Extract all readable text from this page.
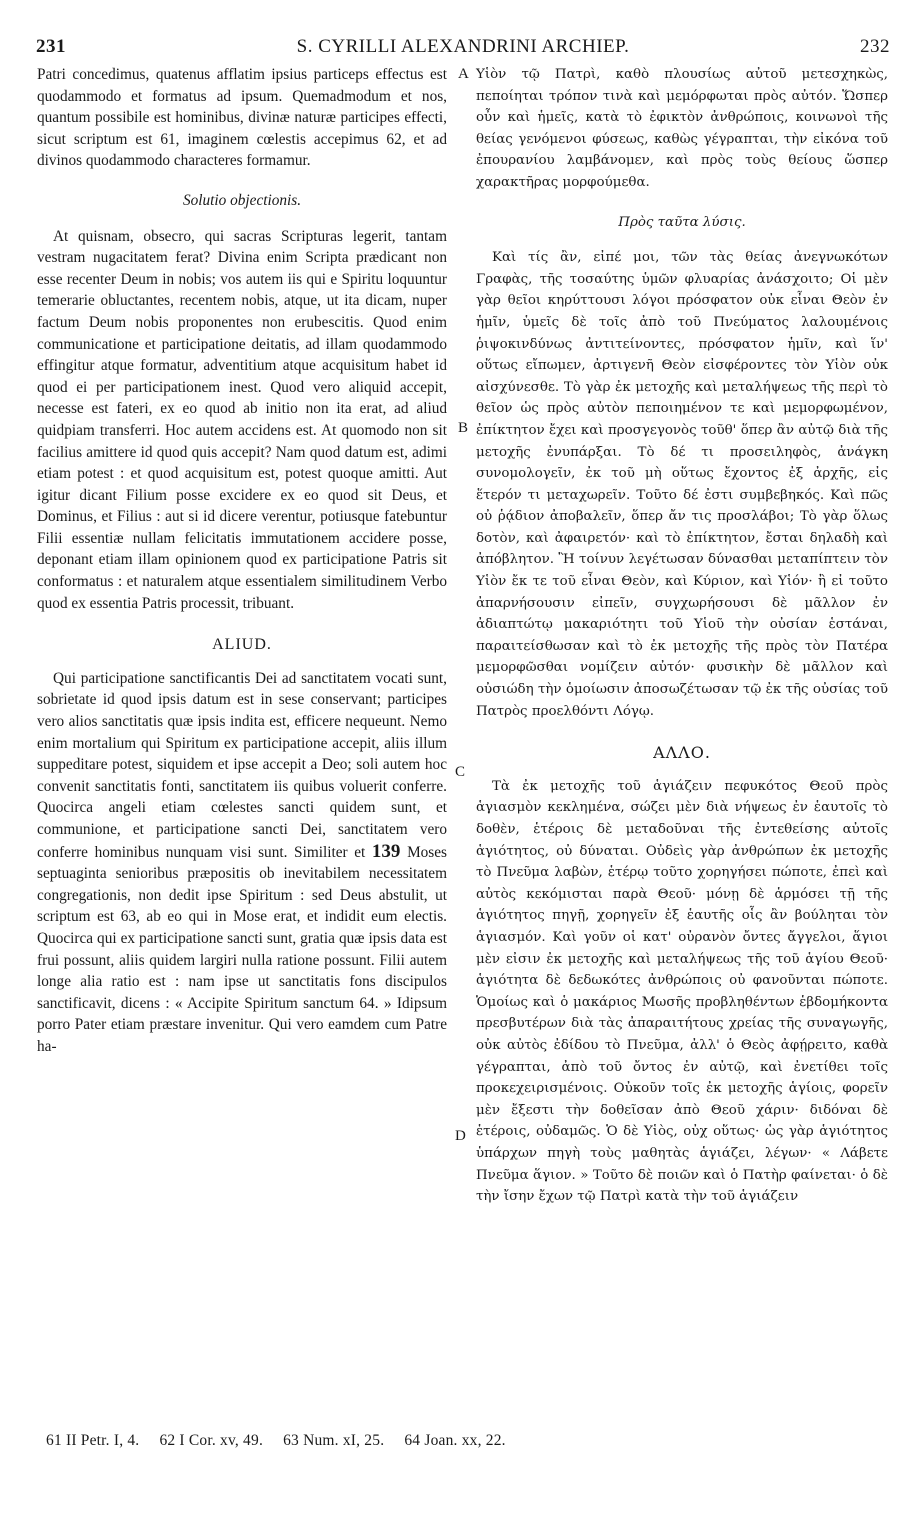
231	S. CYRILLI ALEXANDRINI ARCHIEP.	232

Patri concedimus, quatenus afflatim ipsius particeps effectus est quodammodo et formatus ad ipsum. Quemadmodum et nos, quantum possibile est hominibus, divinæ naturæ participes effecti, sicut scriptum est 61, imaginem cœlestis accepimus 62, et ad divinos quodammodo characteres formamur.

Solutio objectionis.

At quisnam, obsecro, qui sacras Scripturas legerit, tantam vestram nugacitatem ferat? Divina enim Scripta prædicant non esse recenter Deum in nobis; vos autem iis qui e Spiritu loquuntur temerarie obluctantes, recentem nobis, atque, ut ita dicam, nuper factum Deum nobis proponentes non erubescitis. Quod enim communicatione et participatione deitatis, ad illam quodammodo effingitur atque formatur, adventitium atque acquisitum habet id quod ei per participationem inest. Quod vero aliquid accepit, necesse est fateri, ex eo quod ab initio non ita erat, ad aliud quidpiam transferri. Hoc autem accidens est. At quomodo non sit facilius amittere id quod quis accepit? Nam quod datum est, adimi etiam potest : et quod acquisitum est, potest quoque amitti. Aut igitur dicant Filium posse excidere ex eo quod sit Deus, et Dominus, et Filius : aut si id dicere verentur, potiusque fatebuntur Filii essentiæ nullam felicitatis immutationem accidere posse, deponant etiam illam opinionem quod ex participatione Patris sit conformatus : et naturalem atque essentialem similitudinem Verbo quod ex essentia Patris processit, tribuant.

ALIUD.

Qui participatione sanctificantis Dei ad sanctitatem vocati sunt, sobrietate id quod ipsis datum est in sese conservant; participes vero alios sanctitatis quæ ipsis indita est, efficere nequeunt. Nemo enim mortalium qui Spiritum ex participatione accepit, aliis illum suppeditare potest, siquidem et ipse accepit a Deo; soli autem hoc convenit sanctitatis fonti, sanctitatem iis quibus voluerit conferre. Quocirca angeli etiam cœlestes sancti quidem sunt, et communione, et participatione sancti Dei, sanctitatem vero conferre hominibus nunquam visi sunt. Similiter et 139 Moses septuaginta senioribus præpositis ob inevitabilem necessitatem congregationis, non dedit ipse Spiritum : sed Deus abstulit, ut scriptum est 63, ab eo qui in Mose erat, et indidit eum electis. Quocirca qui ex participatione sancti sunt, gratia quæ ipsis data est frui possunt, aliis quidem largiri nulla ratione possunt. Filii autem longe alia ratio est : nam ipse ut sanctitatis fons discipulos sanctificavit, dicens : « Accipite Spiritum sanctum 64. » Idipsum porro Pater etiam præstare invenitur. Qui vero eamdem cum Patre ha-

A
B
C
D

Υἱὸν τῷ Πατρὶ, καθὸ πλουσίως αὐτοῦ μετεσχηκὼς, πεποίηται τρόπον τινὰ καὶ μεμόρφωται πρὸς αὐτόν. Ὥσπερ οὖν καὶ ἡμεῖς, κατὰ τὸ ἐφικτὸν ἀνθρώποις, κοινωνοὶ τῆς θείας γενόμενοι φύσεως, καθὼς γέγραπται, τὴν εἰκόνα τοῦ ἐπουρανίου λαμβάνομεν, καὶ πρὸς τοὺς θείους ὥσπερ χαρακτῆρας μορφούμεθα.

Πρὸς ταῦτα λύσις.

Καὶ τίς ἂν, εἰπέ μοι, τῶν τὰς θείας ἀνεγνωκότων Γραφὰς, τῆς τοσαύτης ὑμῶν φλυαρίας ἀνάσχοιτο; Οἱ μὲν γὰρ θεῖοι κηρύττουσι λόγοι πρόσφατον οὐκ εἶναι Θεὸν ἐν ἡμῖν, ὑμεῖς δὲ τοῖς ἀπὸ τοῦ Πνεύματος λαλουμένοις ῥιψοκινδύνως ἀντιτείνοντες, πρόσφατον ἡμῖν, καὶ ἵν' οὕτως εἴπωμεν, ἀρτιγενῆ Θεὸν εἰσφέροντες τὸν Υἱὸν οὐκ αἰσχύνεσθε. Τὸ γὰρ ἐκ μετοχῆς καὶ μεταλήψεως τῆς περὶ τὸ θεῖον ὡς πρὸς αὐτὸν πεποιημένον τε καὶ μεμορφωμένον, ἐπίκτητον ἔχει καὶ προσγεγονὸς τοῦθ' ὅπερ ἂν αὐτῷ διὰ τῆς μετοχῆς ἐνυπάρξαι. Τὸ δέ τι προσειληφὸς, ἀνάγκη συνομολογεῖν, ἐκ τοῦ μὴ οὕτως ἔχοντος ἐξ ἀρχῆς, εἰς ἕτερόν τι μεταχωρεῖν. Τοῦτο δέ ἐστι συμβεβηκός. Καὶ πῶς οὐ ῥᾴδιον ἀποβαλεῖν, ὅπερ ἄν τις προσλάβοι; Τὸ γὰρ ὅλως δοτὸν, καὶ ἀφαιρετόν· καὶ τὸ ἐπίκτητον, ἔσται δηλαδὴ καὶ ἀπόβλητον. Ἢ τοίνυν λεγέτωσαν δύνασθαι μεταπίπτειν τὸν Υἱὸν ἔκ τε τοῦ εἶναι Θεὸν, καὶ Κύριον, καὶ Υἱόν· ἢ εἰ τοῦτο ἀπαρνήσουσιν εἰπεῖν, συγχωρήσουσι δὲ μᾶλλον ἐν ἀδιαπτώτῳ μακαριότητι τοῦ Υἱοῦ τὴν οὐσίαν ἑστάναι, παραιτείσθωσαν καὶ τὸ ἐκ μετοχῆς τῆς πρὸς τὸν Πατέρα μεμορφῶσθαι νομίζειν αὐτόν· φυσικὴν δὲ μᾶλλον καὶ οὐσιώδη τὴν ὁμοίωσιν ἀποσωζέτωσαν τῷ ἐκ τῆς οὐσίας τοῦ Πατρὸς προελθόντι Λόγῳ.

ΑΛΛΟ.

Τὰ ἐκ μετοχῆς τοῦ ἁγιάζειν πεφυκότος Θεοῦ πρὸς ἁγιασμὸν κεκλημένα, σώζει μὲν διὰ νήψεως ἐν ἑαυτοῖς τὸ δοθὲν, ἑτέροις δὲ μεταδοῦναι τῆς ἐντεθείσης αὐτοῖς ἁγιότητος, οὐ δύναται. Οὐδεὶς γὰρ ἀνθρώπων ἐκ μετοχῆς τὸ Πνεῦμα λαβὼν, ἑτέρῳ τοῦτο χορηγήσει πώποτε, ἐπεὶ καὶ αὐτὸς κεκόμισται παρὰ Θεοῦ· μόνῃ δὲ ἁρμόσει τῇ τῆς ἁγιότητος πηγῇ, χορηγεῖν ἐξ ἑαυτῆς οἷς ἂν βούληται τὸν ἁγιασμόν. Καὶ γοῦν οἱ κατ' οὐρανὸν ὄντες ἄγγελοι, ἅγιοι μὲν εἰσιν ἐκ μετοχῆς καὶ μεταλήψεως τῆς τοῦ ἁγίου Θεοῦ· ἁγιότητα δὲ δεδωκότες ἀνθρώποις οὐ φανοῦνται πώποτε. Ὁμοίως καὶ ὁ μακάριος Μωσῆς προβληθέντων ἑβδομήκοντα πρεσβυτέρων διὰ τὰς ἀπαραιτήτους χρείας τῆς συναγωγῆς, οὐκ αὐτὸς ἐδίδου τὸ Πνεῦμα, ἀλλ' ὁ Θεὸς ἀφῄρειτο, καθὰ γέγραπται, ἀπὸ τοῦ ὄντος ἐν αὐτῷ, καὶ ἐνετίθει τοῖς προκεχειρισμένοις. Οὐκοῦν τοῖς ἐκ μετοχῆς ἁγίοις, φορεῖν μὲν ἔξεστι τὴν δοθεῖσαν ἀπὸ Θεοῦ χάριν· διδόναι δὲ ἑτέροις, οὐδαμῶς. Ὁ δὲ Υἱὸς, οὐχ οὕτως· ὡς γὰρ ἁγιότητος ὑπάρχων πηγὴ τοὺς μαθητὰς ἁγιάζει, λέγων· « Λάβετε Πνεῦμα ἅγιον. » Τοῦτο δὲ ποιῶν καὶ ὁ Πατὴρ φαίνεται· ὁ δὲ τὴν ἴσην ἔχων τῷ Πατρὶ κατὰ τὴν τοῦ ἁγιάζειν

61 II Petr. I, 4. 62 I Cor. xv, 49. 63 Num. xI, 25. 64 Joan. xx, 22.
